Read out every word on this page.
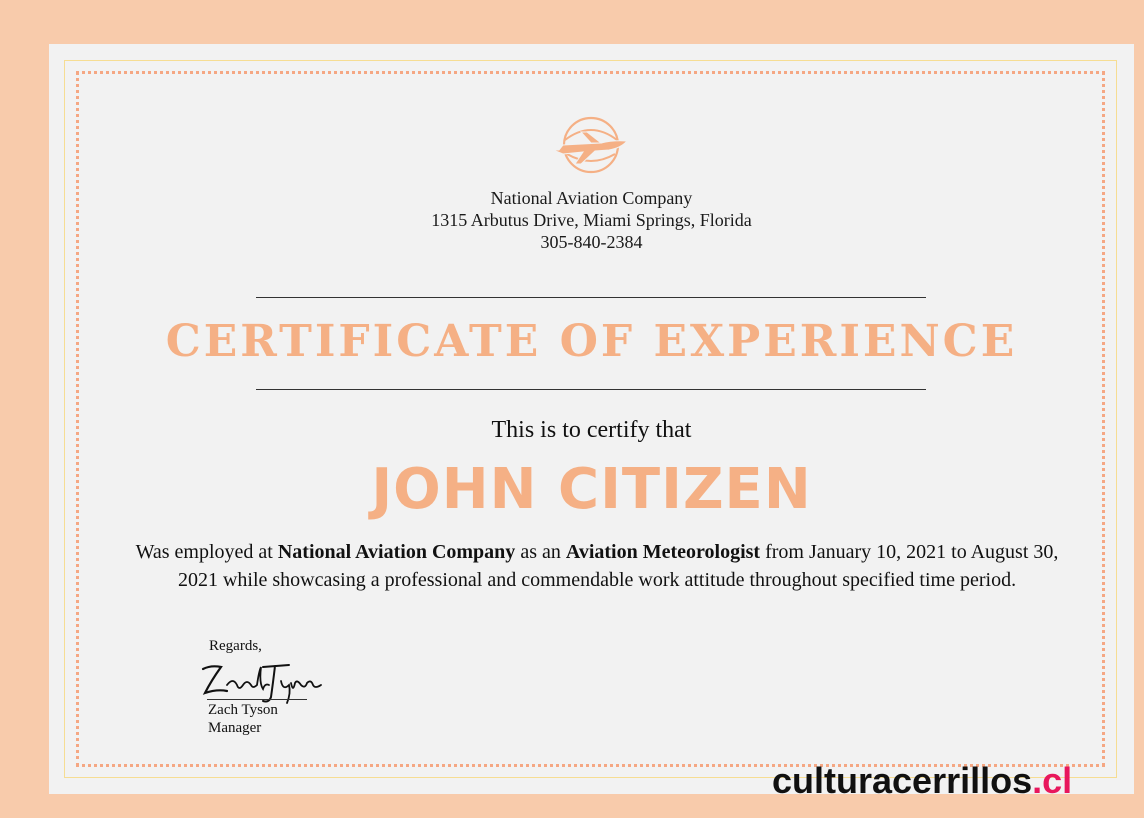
National Aviation Company
1315 Arbutus Drive, Miami Springs, Florida
305-840-2384
CERTIFICATE OF EXPERIENCE
This is to certify that
JOHN CITIZEN
Was employed at National Aviation Company as an Aviation Meteorologist from January 10, 2021 to August 30, 2021 while showcasing a professional and commendable work attitude throughout specified time period.
Regards,
Zach Tyson
Manager
culturacerrillos.cl
